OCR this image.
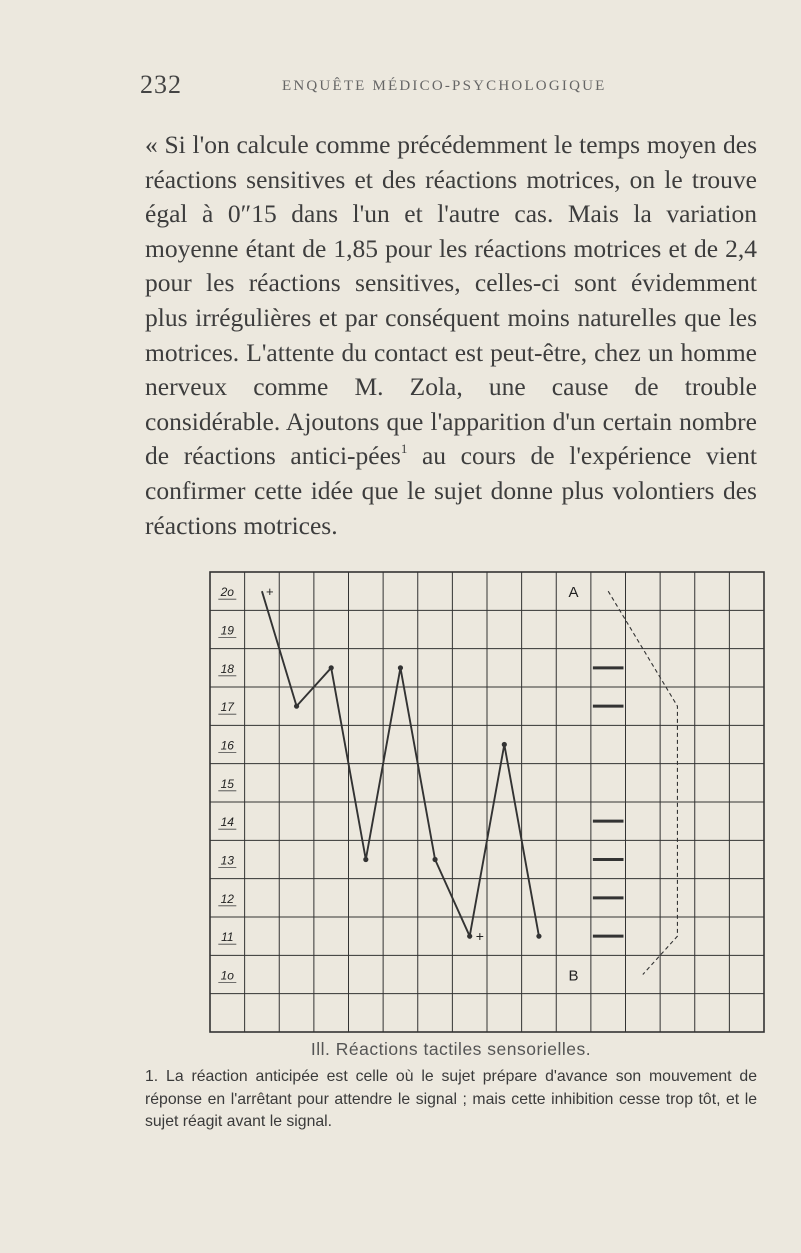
232	ENQUÊTE MÉDICO-PSYCHOLOGIQUE
« Si l'on calcule comme précédemment le temps moyen des réactions sensitives et des réactions motrices, on le trouve égal à 0″15 dans l'un et l'autre cas. Mais la variation moyenne étant de 1,85 pour les réactions motrices et de 2,4 pour les réactions sensitives, celles-ci sont évidemment plus irrégulières et par conséquent moins naturelles que les motrices. L'attente du contact est peut-être, chez un homme nerveux comme M. Zola, une cause de trouble considérable. Ajoutons que l'apparition d'un certain nombre de réactions antici-pées$^1$ au cours de l'expérience vient confirmer cette idée que le sujet donne plus volontiers des réactions motrices.
2o
19
18
17
16
15
14
13
12
11
1o
+
+
A
B
Ill. Réactions tactiles sensorielles.
1. La réaction anticipée est celle où le sujet prépare d'avance son mouvement de réponse en l'arrêtant pour attendre le signal ; mais cette inhibition cesse trop tôt, et le sujet réagit avant le signal.
